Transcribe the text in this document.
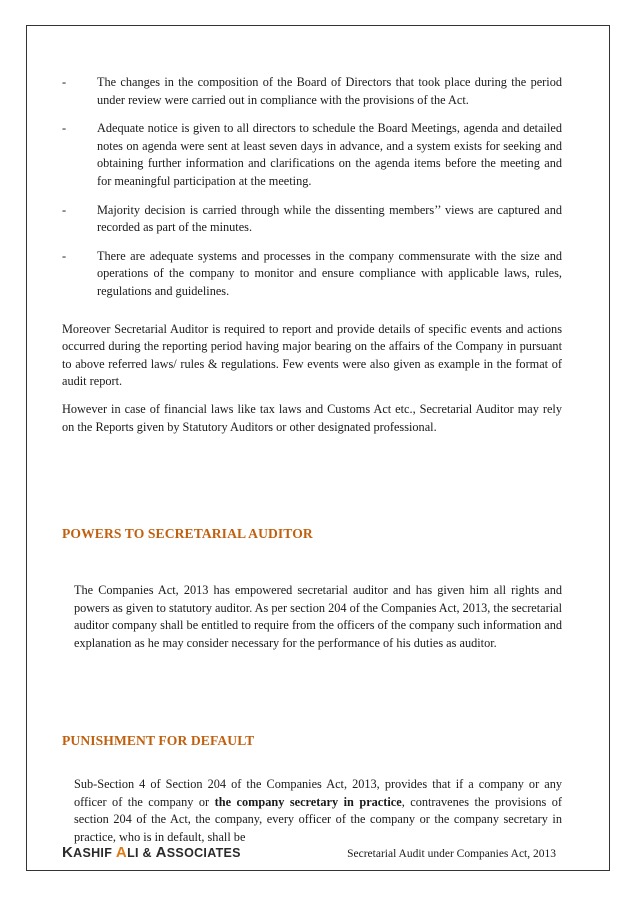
-	The changes in the composition of the Board of Directors that took place during the period under review were carried out in compliance with the provisions of the Act.
-	Adequate notice is given to all directors to schedule the Board Meetings, agenda and detailed notes on agenda were sent at least seven days in advance, and a system exists for seeking and obtaining further information and clarifications on the agenda items before the meeting and for meaningful participation at the meeting.
-	Majority decision is carried through while the dissenting members’’ views are captured and recorded as part of the minutes.
-	There are adequate systems and processes in the company commensurate with the size and operations of the company to monitor and ensure compliance with applicable laws, rules, regulations and guidelines.

Moreover Secretarial Auditor is required to report and provide details of specific events and actions occurred during the reporting period having major bearing on the affairs of the Company in pursuant to above referred laws/ rules & regulations. Few events were also given as example in the format of audit report.

However in case of financial laws like tax laws and Customs Act etc., Secretarial Auditor may rely on the Reports given by Statutory Auditors or other designated professional.

POWERS TO SECRETARIAL AUDITOR

The Companies Act, 2013 has empowered secretarial auditor and has given him all rights and powers as given to statutory auditor. As per section 204 of the Companies Act, 2013, the secretarial auditor company shall be entitled to require from the officers of the company such information and explanation as he may consider necessary for the performance of his duties as auditor.

PUNISHMENT FOR DEFAULT

Sub-Section 4 of Section 204 of the Companies Act, 2013, provides that if a company or any officer of the company or the company secretary in practice, contravenes the provisions of section 204 of the Act, the company, every officer of the company or the company secretary in practice, who is in default, shall be

KASHIF ALI & ASSOCIATES	Secretarial Audit under Companies Act, 2013
